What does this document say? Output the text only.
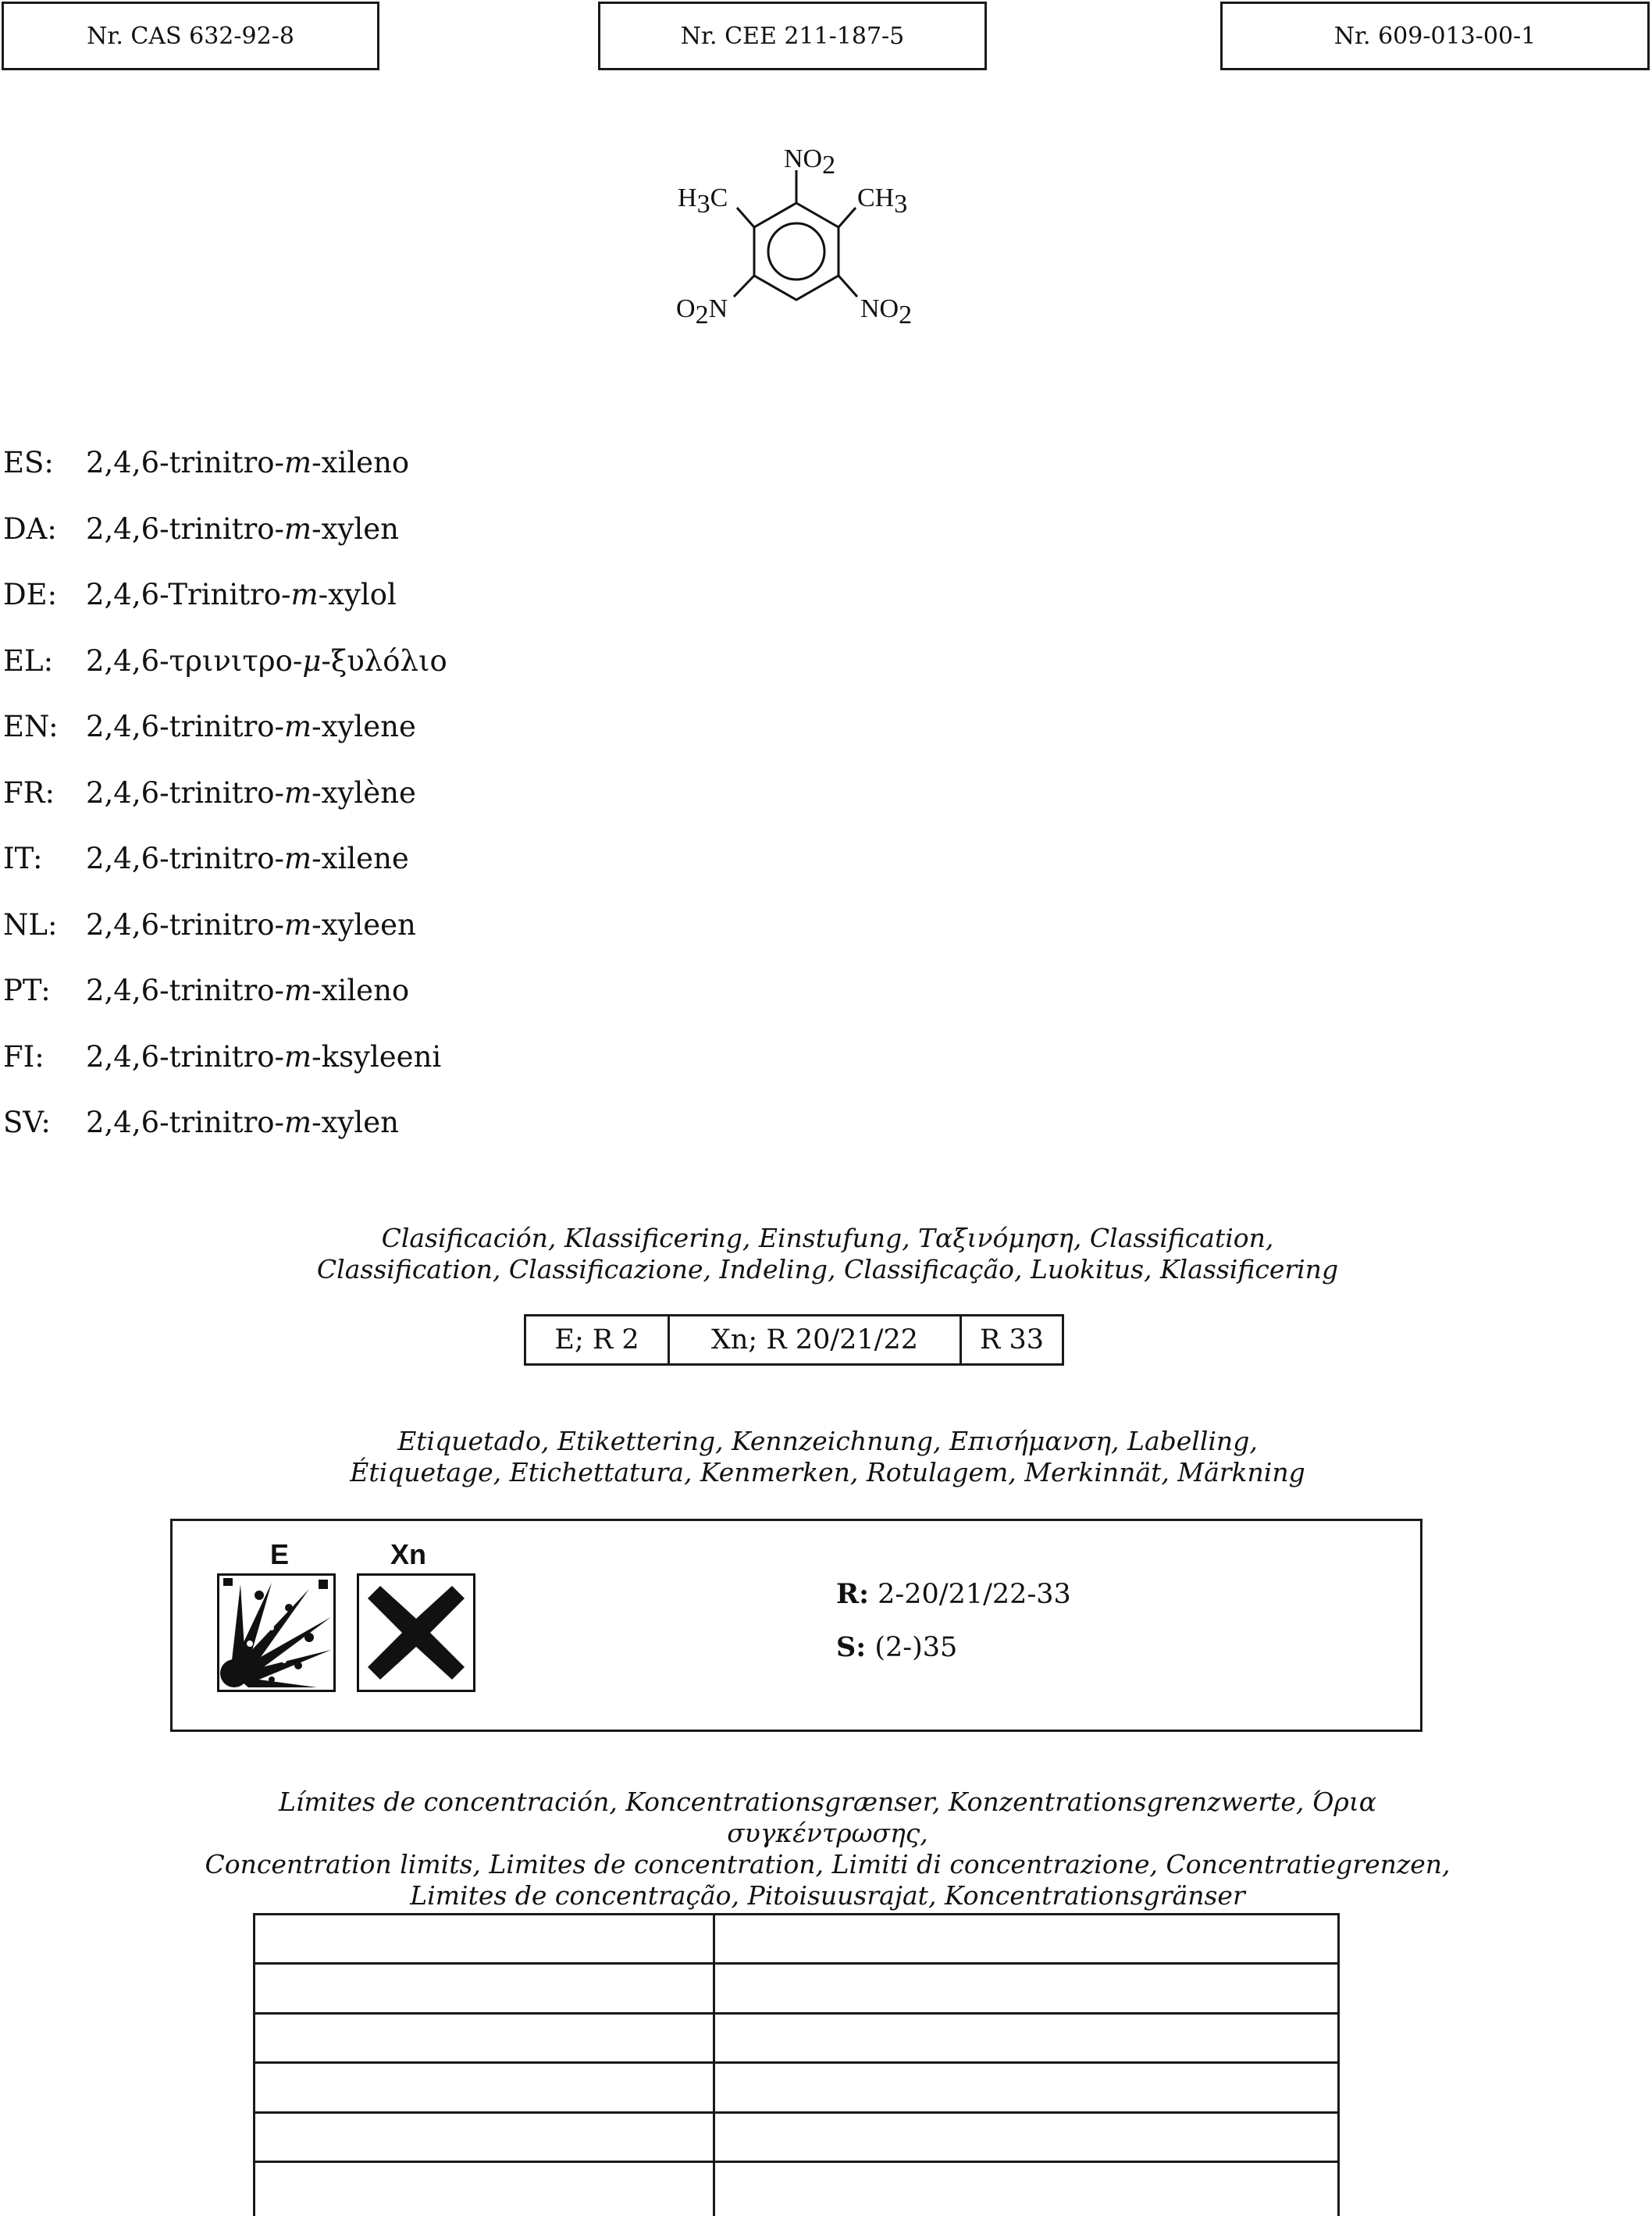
Nr. CAS 632-92-8	Nr. CEE 211-187-5	Nr. 609-013-00-1
NO2
H3C	CH3
O2N	NO2
ES:	2,4,6-trinitro-m-xileno
DA:	2,4,6-trinitro-m-xylen
DE: 2,4,6-Trinitro-m-xylol
EL:	2,4,6-τρινιτρο-μ-ξυλόλιο
EN: 2,4,6-trinitro-m-xylene
FR:	2,4,6-trinitro-m-xylène
IT:	2,4,6-trinitro-m-xilene
NL: 2,4,6-trinitro-m-xyleen
PT:	2,4,6-trinitro-m-xileno
FI:	2,4,6-trinitro-m-ksyleeni
SV:	2,4,6-trinitro-m-xylen
Clasificación, Klassificering, Einstufung, Ταξινόμηση, Classification,
Classification, Classificazione, Indeling, Classificação, Luokitus, Klassificering
E; R 2	Xn; R 20/21/22	R 33
Etiquetado, Etikettering, Kennzeichnung, Επισήμανση, Labelling,
Étiquetage, Etichettatura, Kenmerken, Rotulagem, Merkinnät, Märkning
E	Xn
R: 2-20/21/22-33
S: (2-)35
Límites de concentración, Koncentrationsgrænser, Konzentrationsgrenzwerte, Όρια συγκέντρωσης,
Concentration limits, Limites de concentration, Limiti di concentrazione, Concentratiegrenzen,
Limites de concentração, Pitoisuusrajat, Koncentrationsgränser
